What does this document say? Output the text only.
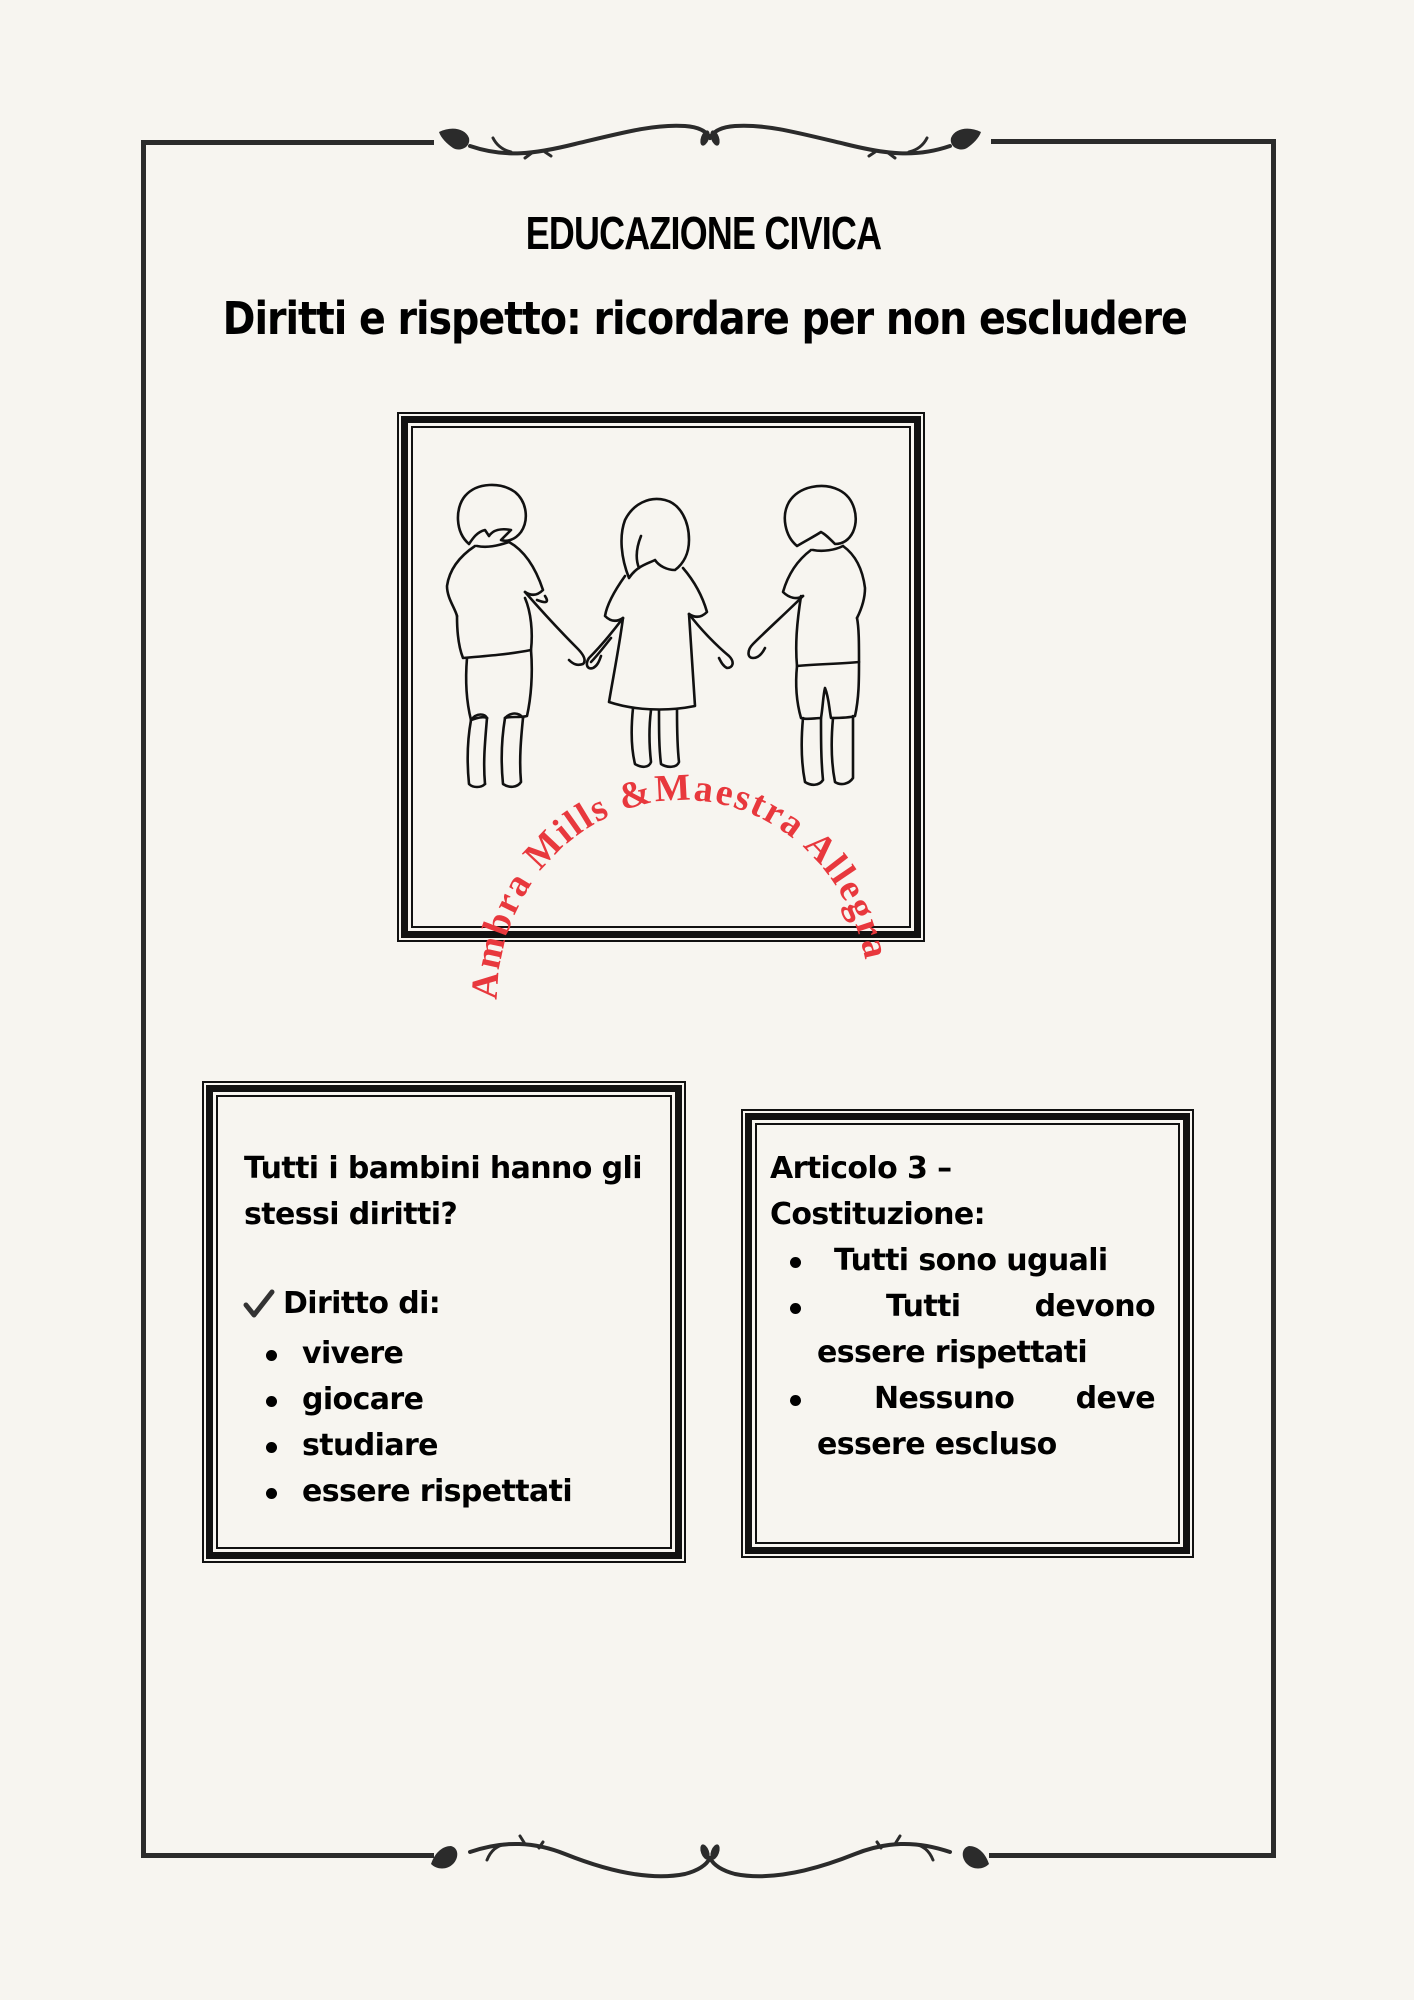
EDUCAZIONE CIVICA
Diritti e rispetto: ricordare per non escludere
Ambra Mills &Maestra Allegra
Tutti i bambini hanno gli
stessi diritti?
Diritto di:
vivere
giocare
studiare
essere rispettati
Articolo 3 –
Costituzione:
Tutti sono uguali
Tutti devono
essere rispettati
Nessuno deve
essere escluso
